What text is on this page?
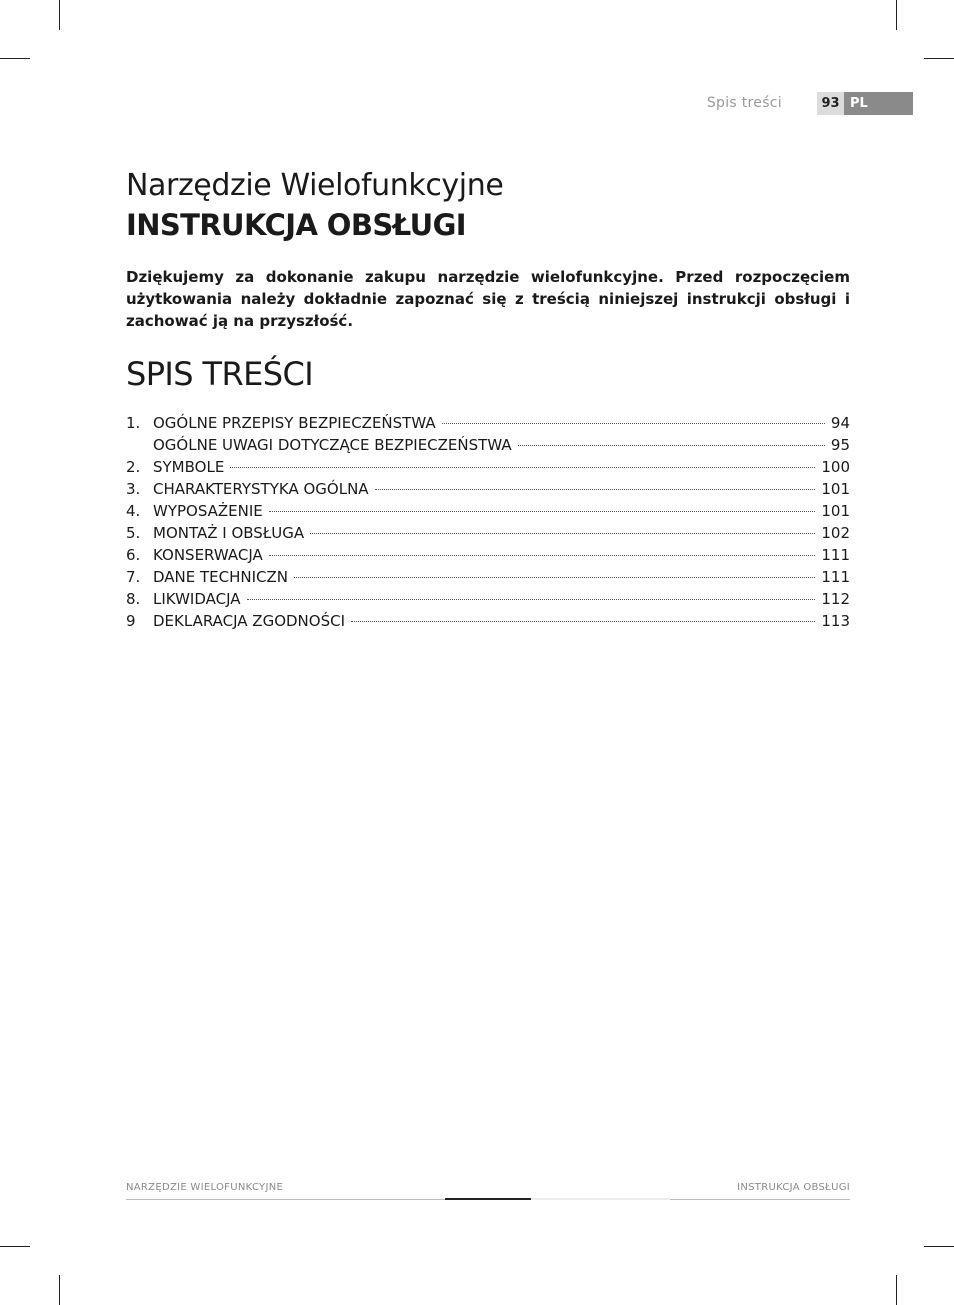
Spis treści	93 PL
Narzędzie Wielofunkcyjne
INSTRUKCJA OBSŁUGI

Dziękujemy za dokonanie zakupu narzędzie wielofunkcyjne. Przed rozpoczęciem użytkowania należy dokładnie zapoznać się z treścią niniejszej instrukcji obsługi i zachować ją na przyszłość.

SPIS TREŚCI
1. OGÓLNE PRZEPISY BEZPIECZEŃSTWA	94
OGÓLNE UWAGI DOTYCZĄCE BEZPIECZEŃSTWA	95
2. SYMBOLE	100
3. CHARAKTERYSTYKA OGÓLNA	101
4. WYPOSAŻENIE	101
5. MONTAŻ I OBSŁUGA	102
6. KONSERWACJA	111
7. DANE TECHNICZN	111
8. LIKWIDACJA	112
9	DEKLARACJA ZGODNOŚCI	113
NARZĘDZIE WIELOFUNKCYJNE	INSTRUKCJA OBSŁUGI
